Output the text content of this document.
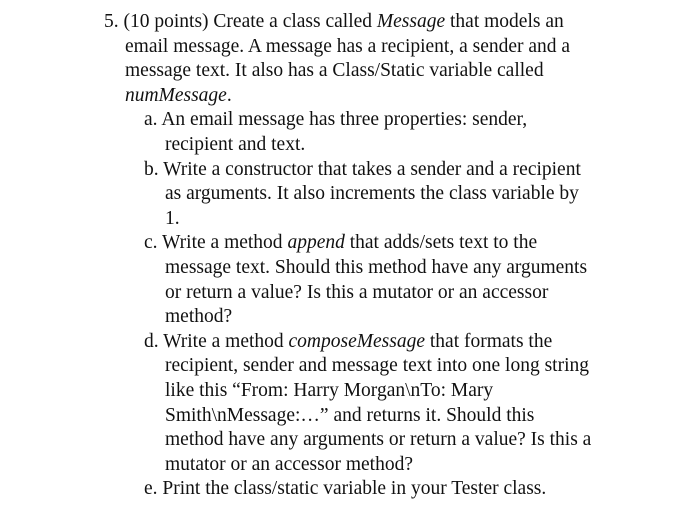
5. (10 points) Create a class called Message that models an
email message. A message has a recipient, a sender and a
message text. It also has a Class/Static variable called
numMessage.
a. An email message has three properties: sender,
recipient and text.
b. Write a constructor that takes a sender and a recipient
as arguments. It also increments the class variable by
1.
c. Write a method append that adds/sets text to the
message text. Should this method have any arguments
or return a value? Is this a mutator or an accessor
method?
d. Write a method composeMessage that formats the
recipient, sender and message text into one long string
like this “From: Harry Morgan\nTo: Mary
Smith\nMessage:…” and returns it. Should this
method have any arguments or return a value? Is this a
mutator or an accessor method?
e. Print the class/static variable in your Tester class.
